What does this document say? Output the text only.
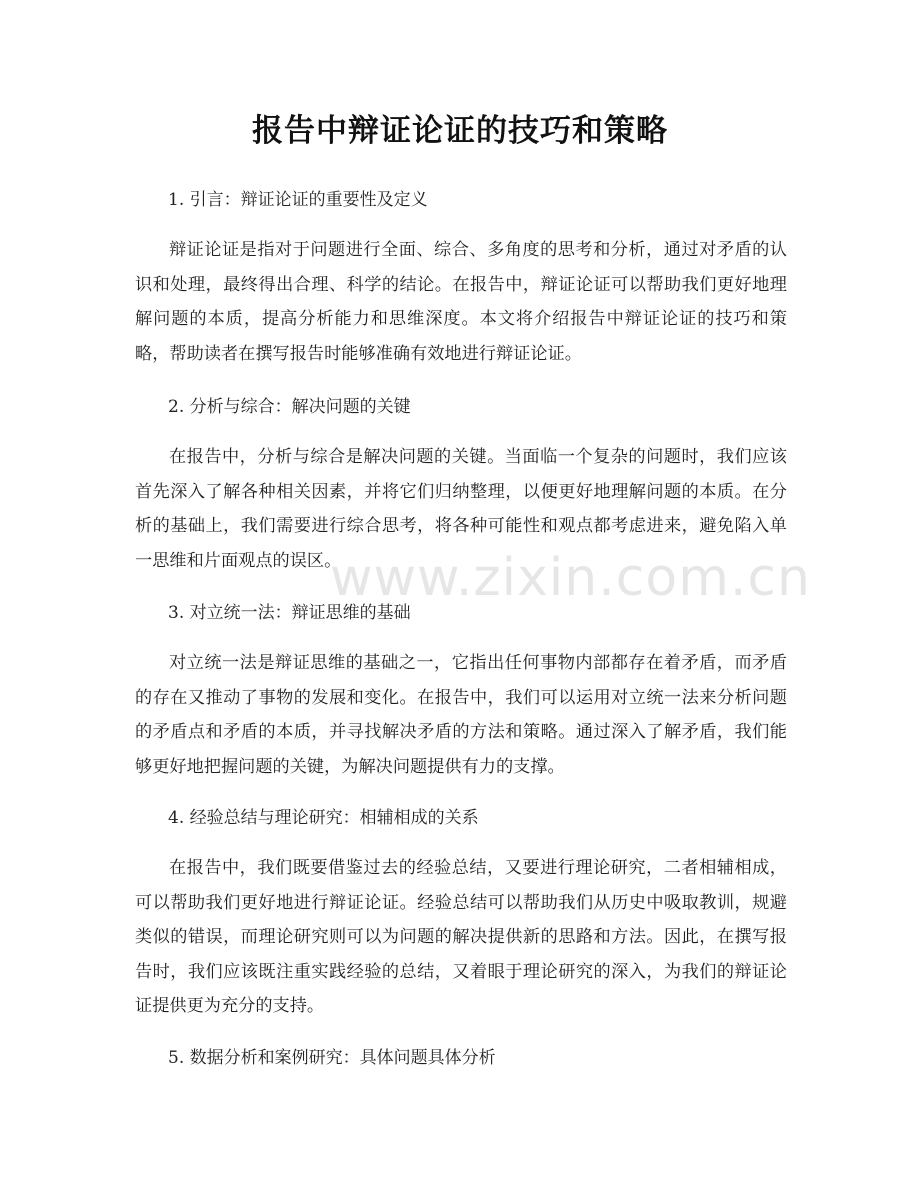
报告中辩证论证的技巧和策略
1. 引言：辩证论证的重要性及定义
辩证论证是指对于问题进行全面、综合、多角度的思考和分析，通过对矛盾的认识和处理，最终得出合理、科学的结论。在报告中，辩证论证可以帮助我们更好地理解问题的本质，提高分析能力和思维深度。本文将介绍报告中辩证论证的技巧和策略，帮助读者在撰写报告时能够准确有效地进行辩证论证。
2. 分析与综合：解决问题的关键
在报告中，分析与综合是解决问题的关键。当面临一个复杂的问题时，我们应该首先深入了解各种相关因素，并将它们归纳整理，以便更好地理解问题的本质。在分析的基础上，我们需要进行综合思考，将各种可能性和观点都考虑进来，避免陷入单一思维和片面观点的误区。
3. 对立统一法：辩证思维的基础
对立统一法是辩证思维的基础之一，它指出任何事物内部都存在着矛盾，而矛盾的存在又推动了事物的发展和变化。在报告中，我们可以运用对立统一法来分析问题的矛盾点和矛盾的本质，并寻找解决矛盾的方法和策略。通过深入了解矛盾，我们能够更好地把握问题的关键，为解决问题提供有力的支撑。
4. 经验总结与理论研究：相辅相成的关系
在报告中，我们既要借鉴过去的经验总结，又要进行理论研究，二者相辅相成，可以帮助我们更好地进行辩证论证。经验总结可以帮助我们从历史中吸取教训，规避类似的错误，而理论研究则可以为问题的解决提供新的思路和方法。因此，在撰写报告时，我们应该既注重实践经验的总结，又着眼于理论研究的深入，为我们的辩证论证提供更为充分的支持。
5. 数据分析和案例研究：具体问题具体分析
www.zixin.com.cn
